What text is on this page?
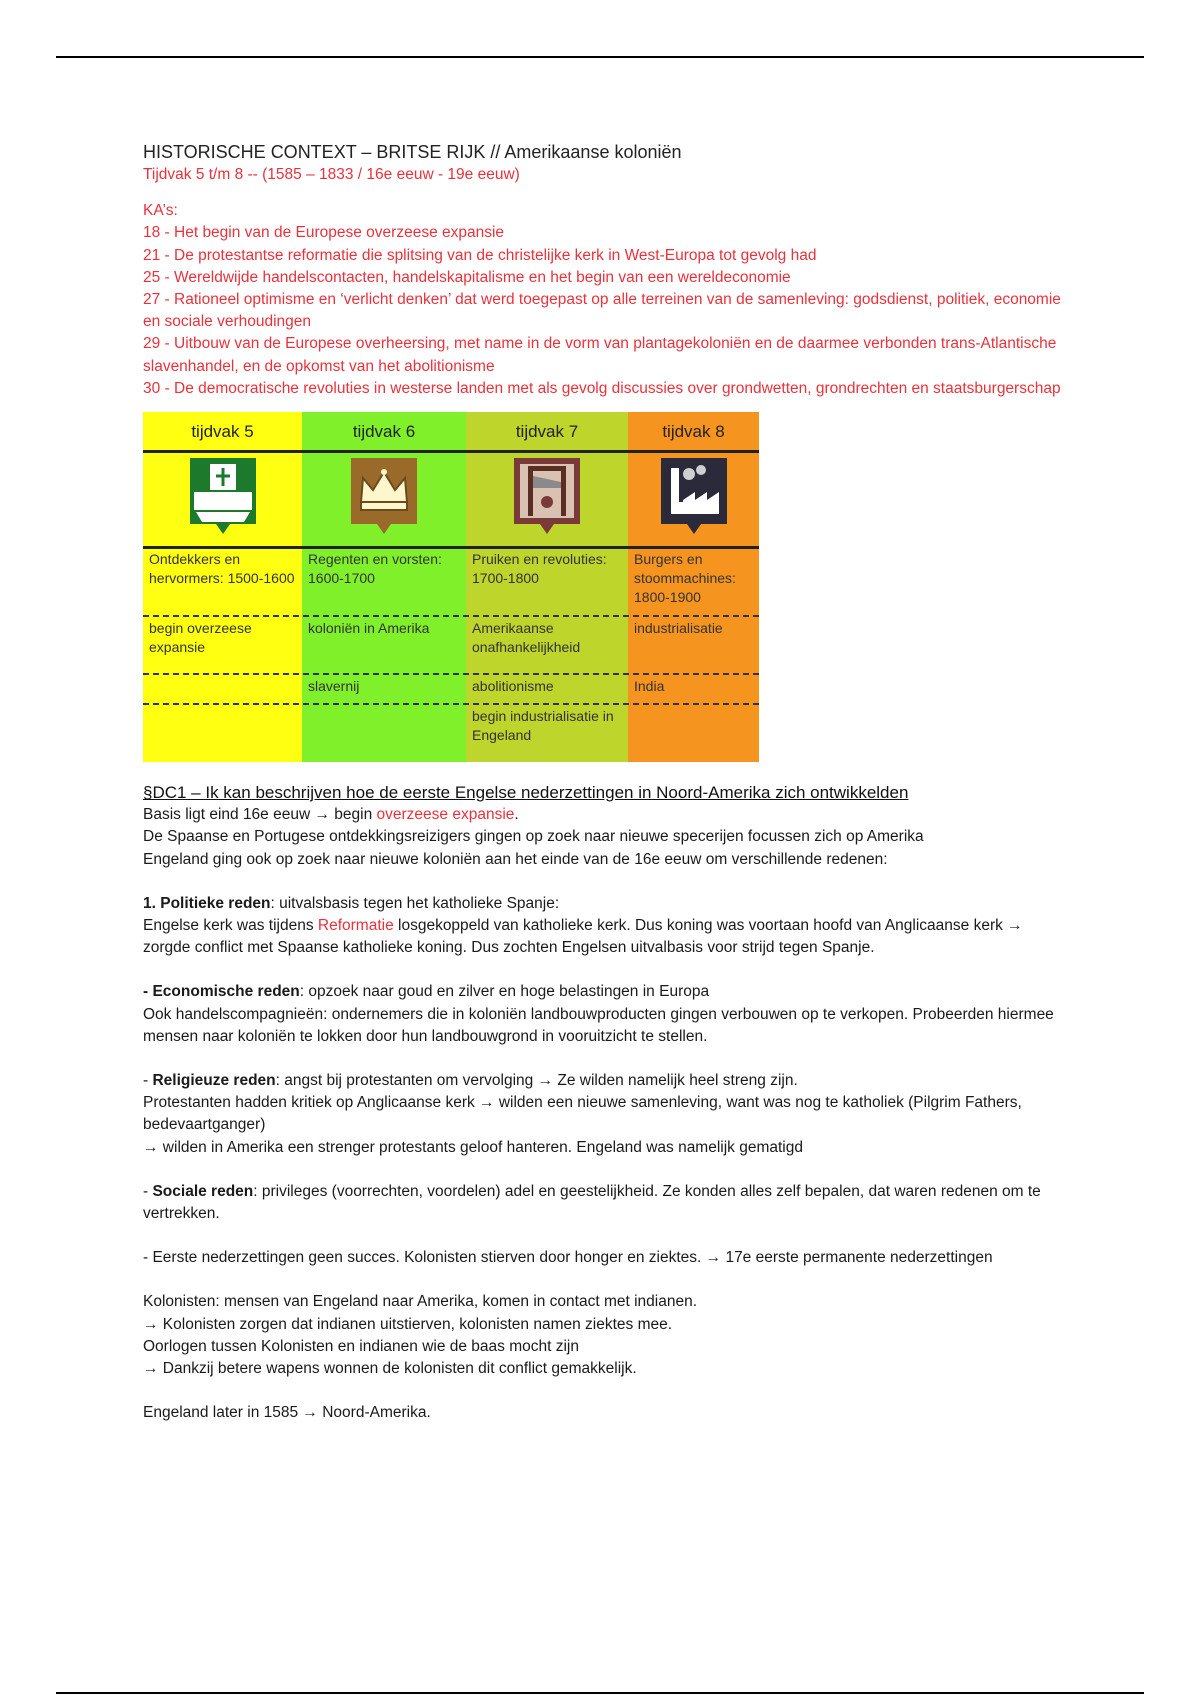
HISTORISCHE CONTEXT – BRITSE RIJK // Amerikaanse koloniën

Tijdvak 5 t/m 8 -- (1585 – 1833 / 16e eeuw - 19e eeuw)

KA’s:

18 - Het begin van de Europese overzeese expansie

21 - De protestantse reformatie die splitsing van de christelijke kerk in West-Europa tot gevolg had

25 - Wereldwijde handelscontacten, handelskapitalisme en het begin van een wereldeconomie

27 - Rationeel optimisme en ‘verlicht denken’ dat werd toegepast op alle terreinen van de samenleving: godsdienst, politiek, economie en sociale verhoudingen

29 - Uitbouw van de Europese overheersing, met name in de vorm van plantagekoloniën en de daarmee verbonden trans-Atlantische slavenhandel, en de opkomst van het abolitionisme

30 - De democratische revoluties in westerse landen met als gevolg discussies over grondwetten, grondrechten en staatsburgerschap

tijdvak 5
Ontdekkers en hervormers: 1500-1600
begin overzeese expansie
tijdvak 6
Regenten en vorsten: 1600-1700
koloniën in Amerika
slavernij
tijdvak 7
Pruiken en revoluties: 1700-1800
Amerikaanse onafhankelijkheid
abolitionisme
begin industrialisatie in Engeland
tijdvak 8
Burgers en stoommachines: 1800-1900
industrialisatie
India

§DC1 – Ik kan beschrijven hoe de eerste Engelse nederzettingen in Noord-Amerika zich ontwikkelden

Basis ligt eind 16e eeuw → begin overzeese expansie.

De Spaanse en Portugese ontdekkingsreizigers gingen op zoek naar nieuwe specerijen focussen zich op Amerika

Engeland ging ook op zoek naar nieuwe koloniën aan het einde van de 16e eeuw om verschillende redenen:

1. Politieke reden: uitvalsbasis tegen het katholieke Spanje:

Engelse kerk was tijdens Reformatie losgekoppeld van katholieke kerk. Dus koning was voortaan hoofd van Anglicaanse kerk → zorgde conflict met Spaanse katholieke koning. Dus zochten Engelsen uitvalbasis voor strijd tegen Spanje.

- Economische reden: opzoek naar goud en zilver en hoge belastingen in Europa

Ook handelscompagnieën: ondernemers die in koloniën landbouwproducten gingen verbouwen op te verkopen. Probeerden hiermee mensen naar koloniën te lokken door hun landbouwgrond in vooruitzicht te stellen.

- Religieuze reden: angst bij protestanten om vervolging → Ze wilden namelijk heel streng zijn.

Protestanten hadden kritiek op Anglicaanse kerk → wilden een nieuwe samenleving, want was nog te katholiek (Pilgrim Fathers, bedevaartganger)

→ wilden in Amerika een strenger protestants geloof hanteren. Engeland was namelijk gematigd

- Sociale reden: privileges (voorrechten, voordelen) adel en geestelijkheid. Ze konden alles zelf bepalen, dat waren redenen om te vertrekken.

- Eerste nederzettingen geen succes. Kolonisten stierven door honger en ziektes. → 17e eerste permanente nederzettingen

Kolonisten: mensen van Engeland naar Amerika, komen in contact met indianen.

→ Kolonisten zorgen dat indianen uitstierven, kolonisten namen ziektes mee.

Oorlogen tussen Kolonisten en indianen wie de baas mocht zijn

→ Dankzij betere wapens wonnen de kolonisten dit conflict gemakkelijk.

Engeland later in 1585 → Noord-Amerika.
